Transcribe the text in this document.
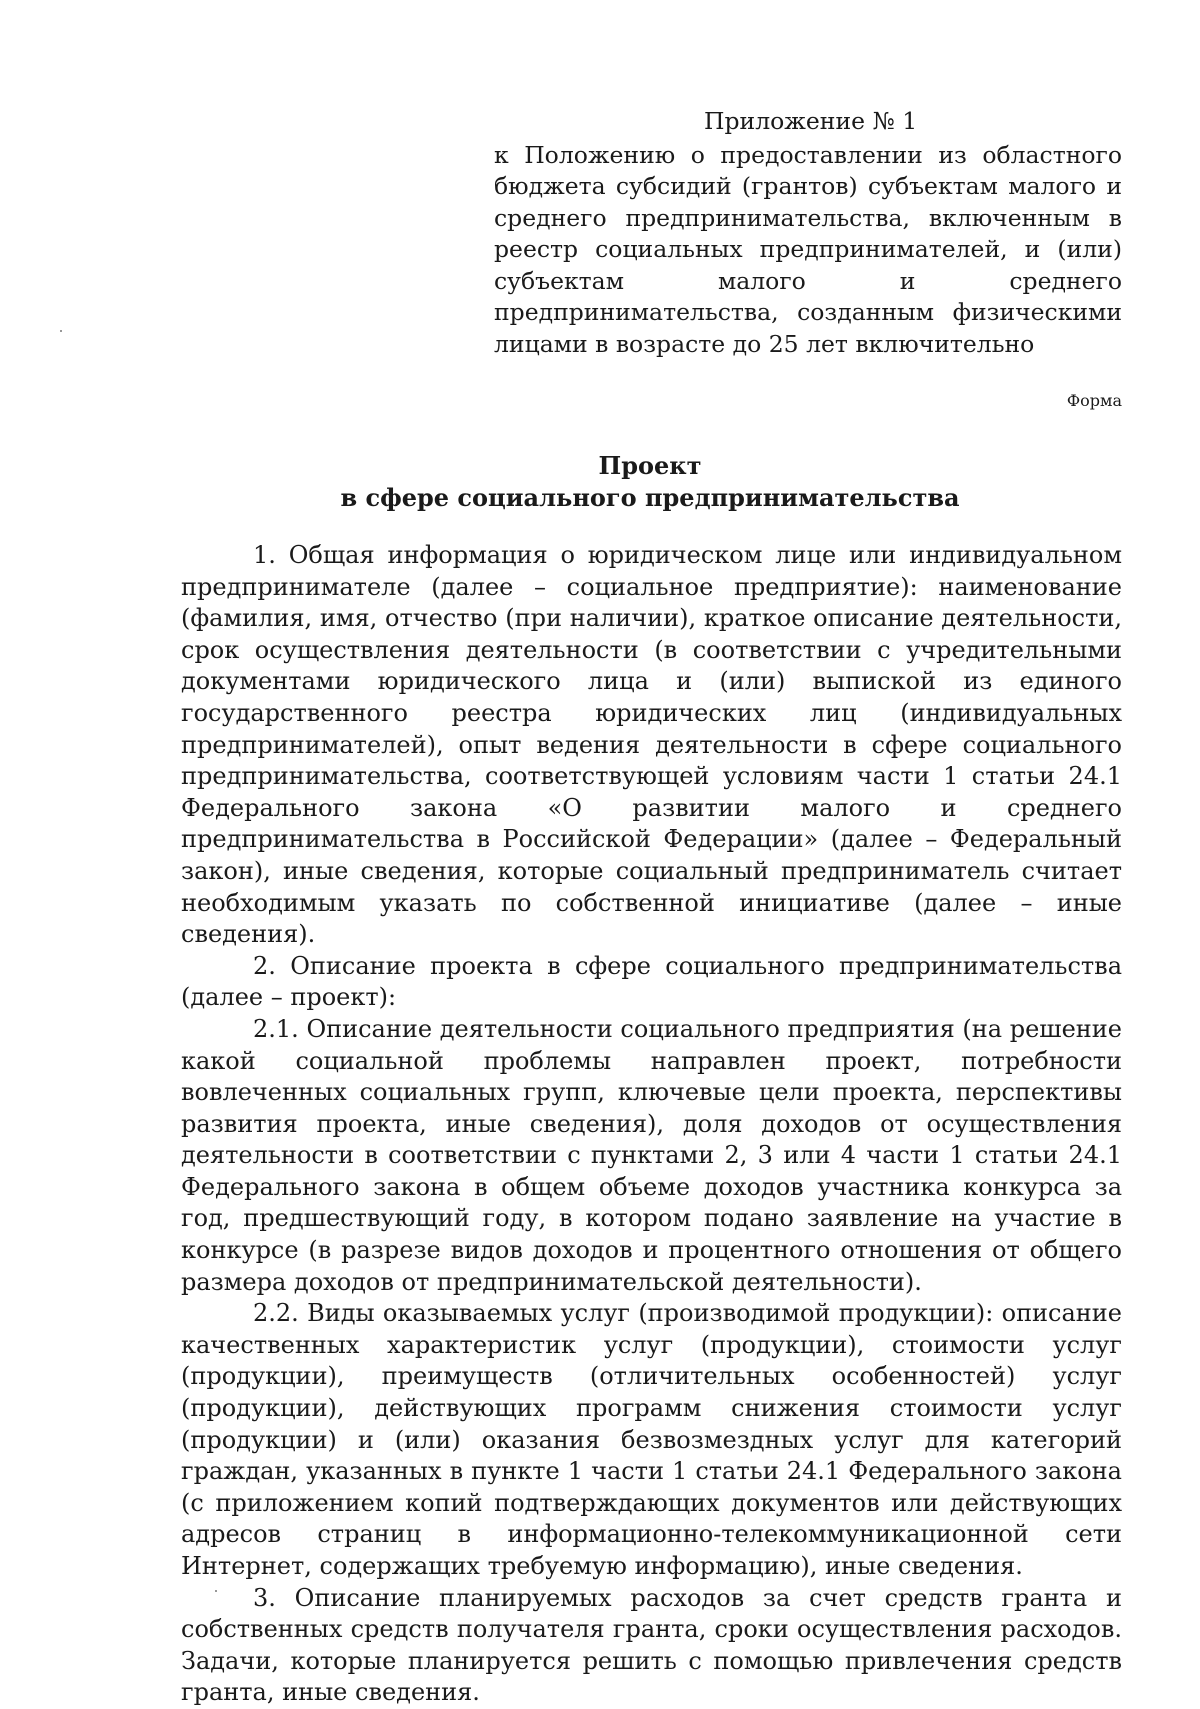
Приложение № 1
к Положению о предоставлении из областного бюджета субсидий (грантов) субъектам малого и среднего предпринимательства, включенным в реестр социальных предпринимателей, и (или) субъектам малого и среднего предпринимательства, созданным физическими лицами в возрасте до 25 лет включительно
Форма
Проект
в сфере социального предпринимательства

1. Общая информация о юридическом лице или индивидуальном предпринимателе (далее – социальное предприятие): наименование (фамилия, имя, отчество (при наличии), краткое описание деятельности, срок осуществления деятельности (в соответствии с учредительными документами юридического лица и (или) выпиской из единого государственного реестра юридических лиц (индивидуальных предпринимателей), опыт ведения деятельности в сфере социального предпринимательства, соответствующей условиям части 1 статьи 24.1 Федерального закона «О развитии малого и среднего предпринимательства в Российской Федерации» (далее – Федеральный закон), иные сведения, которые социальный предприниматель считает необходимым указать по собственной инициативе (далее – иные сведения).

2. Описание проекта в сфере социального предпринимательства (далее – проект):

2.1. Описание деятельности социального предприятия (на решение какой социальной проблемы направлен проект, потребности вовлеченных социальных групп, ключевые цели проекта, перспективы развития проекта, иные сведения), доля доходов от осуществления деятельности в соответствии с пунктами 2, 3 или 4 части 1 статьи 24.1 Федерального закона в общем объеме доходов участника конкурса за год, предшествующий году, в котором подано заявление на участие в конкурсе (в разрезе видов доходов и процентного отношения от общего размера доходов от предпринимательской деятельности).

2.2. Виды оказываемых услуг (производимой продукции): описание качественных характеристик услуг (продукции), стоимости услуг (продукции), преимуществ (отличительных особенностей) услуг (продукции), действующих программ снижения стоимости услуг (продукции) и (или) оказания безвозмездных услуг для категорий граждан, указанных в пункте 1 части 1 статьи 24.1 Федерального закона (с приложением копий подтверждающих документов или действующих адресов страниц в информационно-телекоммуникационной сети Интернет, содержащих требуемую информацию), иные сведения.

3. Описание планируемых расходов за счет средств гранта и собственных средств получателя гранта, сроки осуществления расходов. Задачи, которые планируется решить с помощью привлечения средств гранта, иные сведения.
